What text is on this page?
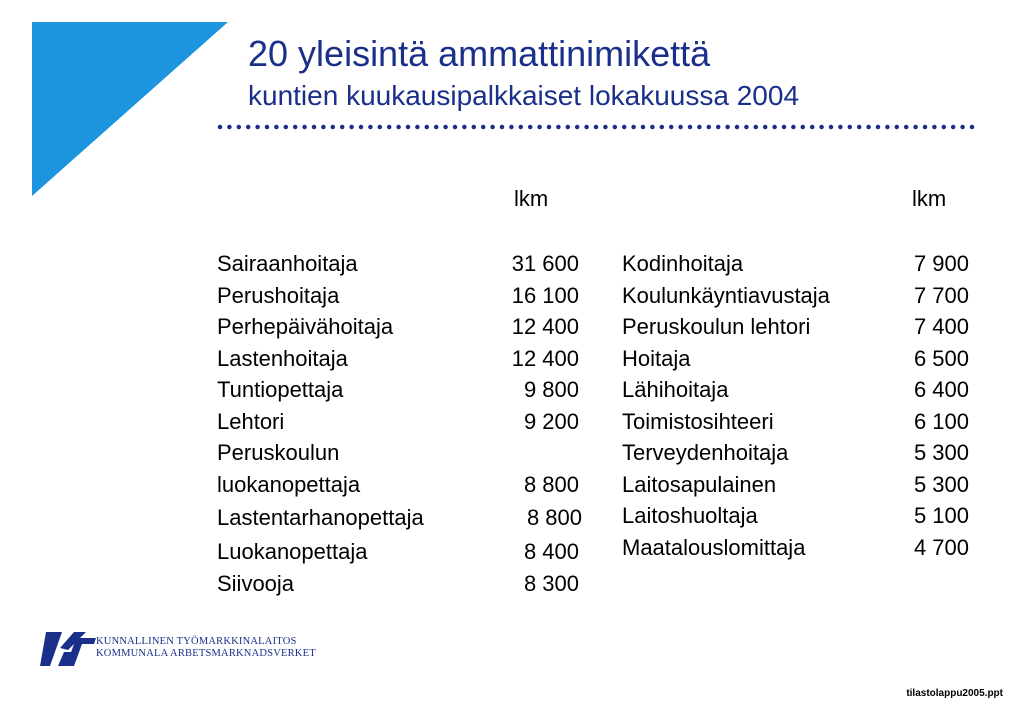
20 yleisintä ammattinimikettä
kuntien kuukausipalkkaiset lokakuussa 2004
lkm	lkm
Sairaanhoitaja	31 600
Perushoitaja	16 100
Perhepäivähoitaja	12 400
Lastenhoitaja	12 400
Tuntiopettaja	9 800
Lehtori	9 200
Peruskoulun luokanopettaja	8 800
Lastentarhanopettaja	8 800
Luokanopettaja	8 400
Siivooja	8 300
Kodinhoitaja	7 900
Koulunkäyntiavustaja	7 700
Peruskoulun lehtori	7 400
Hoitaja	6 500
Lähihoitaja	6 400
Toimistosihteeri	6 100
Terveydenhoitaja	5 300
Laitosapulainen	5 300
Laitoshuoltaja	5 100
Maatalouslomittaja	4 700
KUNNALLINEN TYÖMARKKINALAITOS
KOMMUNALA ARBETSMARKNADSVERKET
tilastolappu2005.ppt
